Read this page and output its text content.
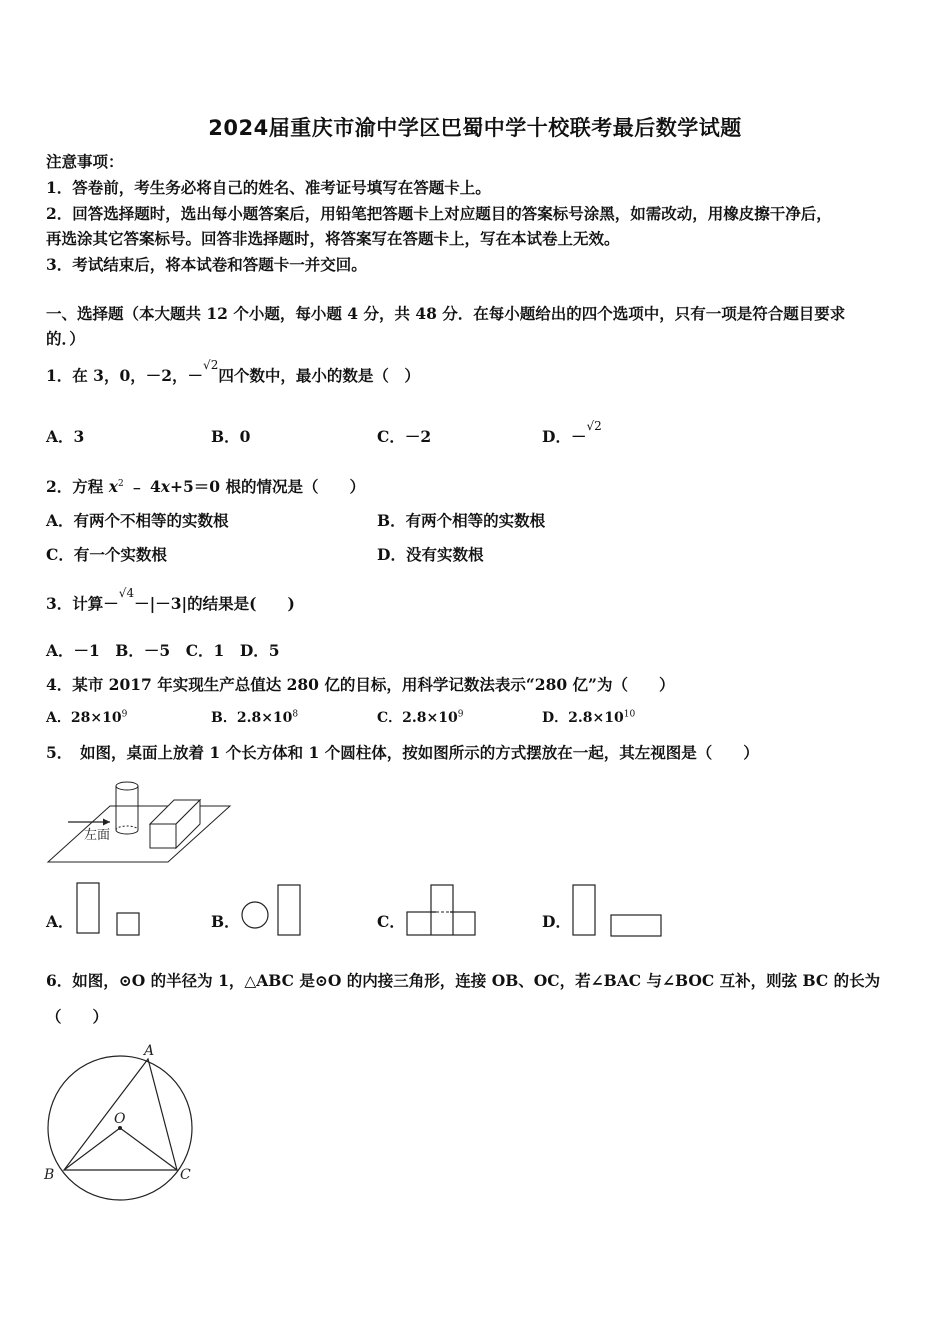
2024届重庆市渝中学区巴蜀中学十校联考最后数学试题
注意事项：
1．答卷前，考生务必将自己的姓名、准考证号填写在答题卡上。
2．回答选择题时，选出每小题答案后，用铅笔把答题卡上对应题目的答案标号涂黑，如需改动，用橡皮擦干净后，
再选涂其它答案标号。回答非选择题时，将答案写在答题卡上，写在本试卷上无效。
3．考试结束后，将本试卷和答题卡一并交回。
一、选择题（本大题共 12 个小题，每小题 4 分，共 48 分．在每小题给出的四个选项中，只有一项是符合题目要求
的．）
1．在 3，0，－2，－$^{√2}$四个数中，最小的数是（　）
A．3	B．0	C．－2	D．－$^{√2}$
2．方程 $x^2$ ﹣ 4x+5＝0 根的情况是（　　）
A．有两个不相等的实数根	B．有两个相等的实数根
C．有一个实数根	D．没有实数根
3．计算－$^{√4}$－|－3|的结果是(　　)
A．－1　B．－5　C．1　D．5
4．某市 2017 年实现生产总值达 280 亿的目标，用科学记数法表示“280 亿”为（　　）
A．$28\times 10^9$	B．$2.8\times 10^8$	C．$2.8\times 10^9$	D．$2.8\times 10^{10}$
5．　如图，桌面上放着 1 个长方体和 1 个圆柱体，按如图所示的方式摆放在一起，其左视图是（　　）
左面
A．	B．	C．	D．
6．如图，⊙O 的半径为 1，△ABC 是⊙O 的内接三角形，连接 OB、OC，若∠BAC 与∠BOC 互补，则弦 BC 的长为
（　　）
A
O
B	C
